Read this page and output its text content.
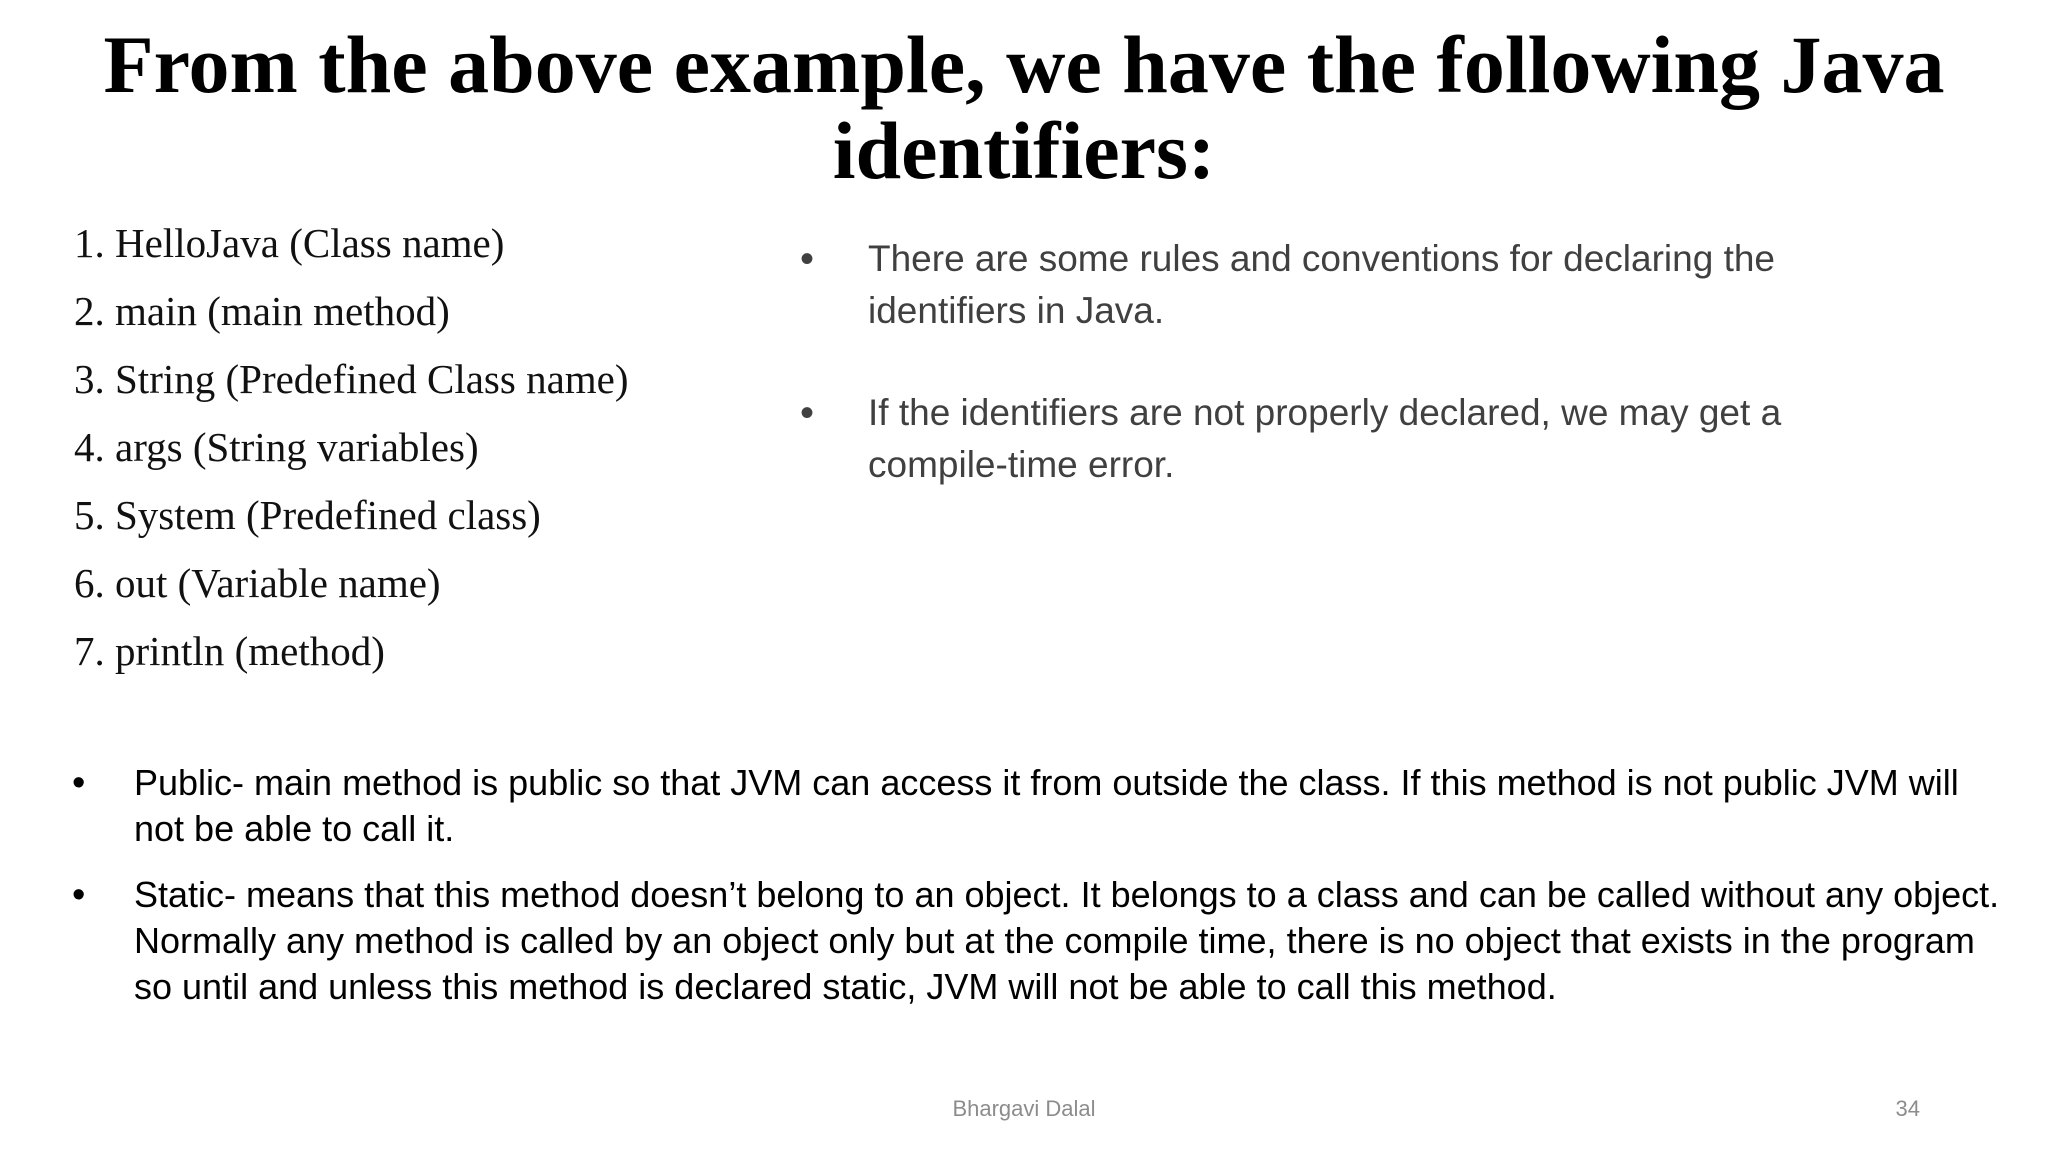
From the above example, we have the following Java identifiers:
1. HelloJava (Class name)
2. main (main method)
3. String (Predefined Class name)
4. args (String variables)
5. System (Predefined class)
6. out (Variable name)
7. println (method)
• There are some rules and conventions for declaring the identifiers in Java.
• If the identifiers are not properly declared, we may get a compile-time error.
• Public- main method is public so that JVM can access it from outside the class. If this method is not public JVM will not be able to call it.
• Static- means that this method doesn’t belong to an object. It belongs to a class and can be called without any object. Normally any method is called by an object only but at the compile time, there is no object that exists in the program so until and unless this method is declared static, JVM will not be able to call this method.
Bhargavi Dalal	34
